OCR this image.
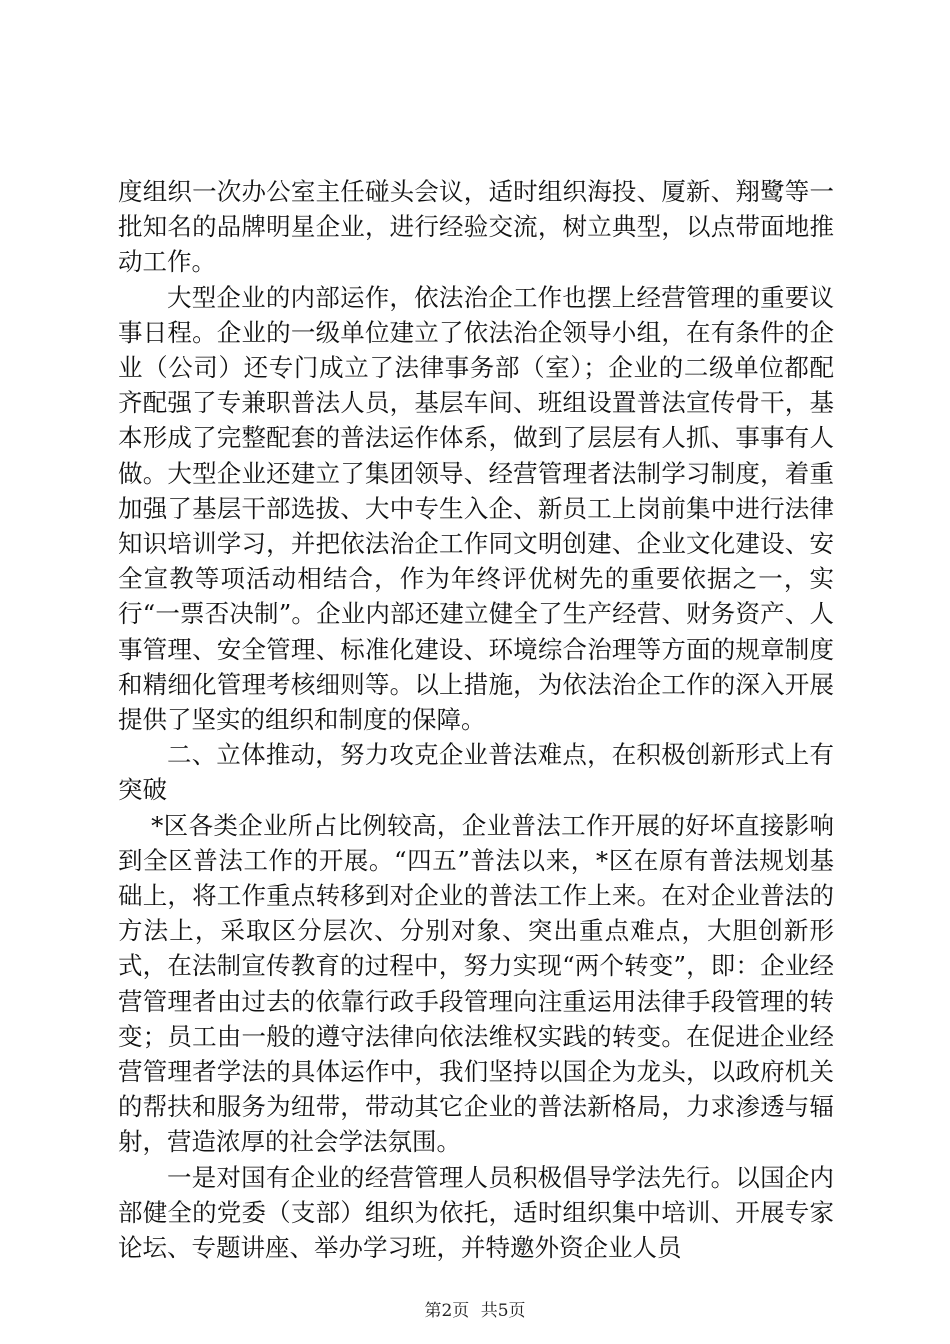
度组织一次办公室主任碰头会议，适时组织海投、厦新、翔鹭等一批知名的品牌明星企业，进行经验交流，树立典型，以点带面地推动工作。

大型企业的内部运作，依法治企工作也摆上经营管理的重要议事日程。企业的一级单位建立了依法治企领导小组，在有条件的企业（公司）还专门成立了法律事务部（室）；企业的二级单位都配齐配强了专兼职普法人员，基层车间、班组设置普法宣传骨干，基本形成了完整配套的普法运作体系，做到了层层有人抓、事事有人做。大型企业还建立了集团领导、经营管理者法制学习制度，着重加强了基层干部选拔、大中专生入企、新员工上岗前集中进行法律知识培训学习，并把依法治企工作同文明创建、企业文化建设、安全宣教等项活动相结合，作为年终评优树先的重要依据之一，实行“一票否决制”。企业内部还建立健全了生产经营、财务资产、人事管理、安全管理、标准化建设、环境综合治理等方面的规章制度和精细化管理考核细则等。以上措施，为依法治企工作的深入开展提供了坚实的组织和制度的保障。

二、立体推动，努力攻克企业普法难点，在积极创新形式上有突破

*区各类企业所占比例较高，企业普法工作开展的好坏直接影响到全区普法工作的开展。“四五”普法以来，*区在原有普法规划基础上，将工作重点转移到对企业的普法工作上来。在对企业普法的方法上，采取区分层次、分别对象、突出重点难点，大胆创新形式，在法制宣传教育的过程中，努力实现“两个转变”，即：企业经营管理者由过去的依靠行政手段管理向注重运用法律手段管理的转变；员工由一般的遵守法律向依法维权实践的转变。在促进企业经营管理者学法的具体运作中，我们坚持以国企为龙头，以政府机关的帮扶和服务为纽带，带动其它企业的普法新格局，力求渗透与辐射，营造浓厚的社会学法氛围。

一是对国有企业的经营管理人员积极倡导学法先行。以国企内部健全的党委（支部）组织为依托，适时组织集中培训、开展专家论坛、专题讲座、举办学习班，并特邀外资企业人员

第2页 共5页
